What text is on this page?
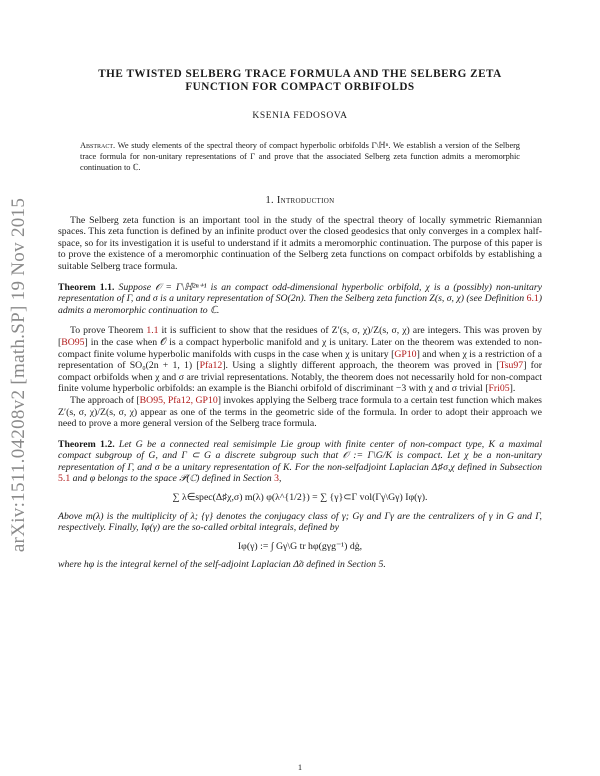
arXiv:1511.04208v2 [math.SP] 19 Nov 2015
THE TWISTED SELBERG TRACE FORMULA AND THE SELBERG ZETA
FUNCTION FOR COMPACT ORBIFOLDS
KSENIA FEDOSOVA
Abstract. We study elements of the spectral theory of compact hyperbolic orbifolds Γ\ℍⁿ. We establish a version of the Selberg trace formula for non-unitary representations of Γ and prove that the associated Selberg zeta function admits a meromorphic continuation to ℂ.
1. Introduction

The Selberg zeta function is an important tool in the study of the spectral theory of locally symmetric Riemannian spaces. This zeta function is defined by an infinite product over the closed geodesics that only converges in a complex half-space, so for its investigation it is useful to understand if it admits a meromorphic continuation. The purpose of this paper is to prove the existence of a meromorphic continuation of the Selberg zeta functions on compact orbifolds by establishing a suitable Selberg trace formula.

Theorem 1.1. Suppose 𝒪 = Γ\ℍ²ⁿ⁺¹ is an compact odd-dimensional hyperbolic orbifold, χ is a (possibly) non-unitary representation of Γ, and σ is a unitary representation of SO(2n). Then the Selberg zeta function Z(s, σ, χ) (see Definition 6.1) admits a meromorphic continuation to ℂ.

To prove Theorem 1.1 it is sufficient to show that the residues of Z′(s, σ, χ)/Z(s, σ, χ) are integers. This was proven by [BO95] in the case when 𝒪 is a compact hyperbolic manifold and χ is unitary. Later on the theorem was extended to non-compact finite volume hyperbolic manifolds with cusps in the case when χ is unitary [GP10] and when χ is a restriction of a representation of SO₀(2n + 1, 1) [Pfa12]. Using a slightly different approach, the theorem was proved in [Tsu97] for compact orbifolds when χ and σ are trivial representations. Notably, the theorem does not necessarily hold for non-compact finite volume hyperbolic orbifolds: an example is the Bianchi orbifold of discriminant −3 with χ and σ trivial [Fri05].

The approach of [BO95, Pfa12, GP10] invokes applying the Selberg trace formula to a certain test function which makes Z′(s, σ, χ)/Z(s, σ, χ) appear as one of the terms in the geometric side of the formula. In order to adopt their approach we need to prove a more general version of the Selberg trace formula.

Theorem 1.2. Let G be a connected real semisimple Lie group with finite center of non-compact type, K a maximal compact subgroup of G, and Γ ⊂ G a discrete subgroup such that 𝒪 := Γ\G/K is compact. Let χ be a non-unitary representation of Γ, and σ be a unitary representation of K. For the non-selfadjoint Laplacian Δ♯σ,χ defined in Subsection 5.1 and φ belongs to the space 𝒫(ℂ) defined in Section 3,
∑ λ∈spec(Δ♯χ,σ) m(λ) φ(λ^{1/2}) = ∑ {γ}⊂Γ vol(Γγ\Gγ) Iφ(γ).
Above m(λ) is the multiplicity of λ; {γ} denotes the conjugacy class of γ; Gγ and Γγ are the centralizers of γ in G and Γ, respectively. Finally, Iφ(γ) are the so-called orbital integrals, defined by
Iφ(γ) := ∫ Gγ\G tr hφ(gγg⁻¹) dġ,
where hφ is the integral kernel of the self-adjoint Laplacian Δ̃σ defined in Section 5.
1
